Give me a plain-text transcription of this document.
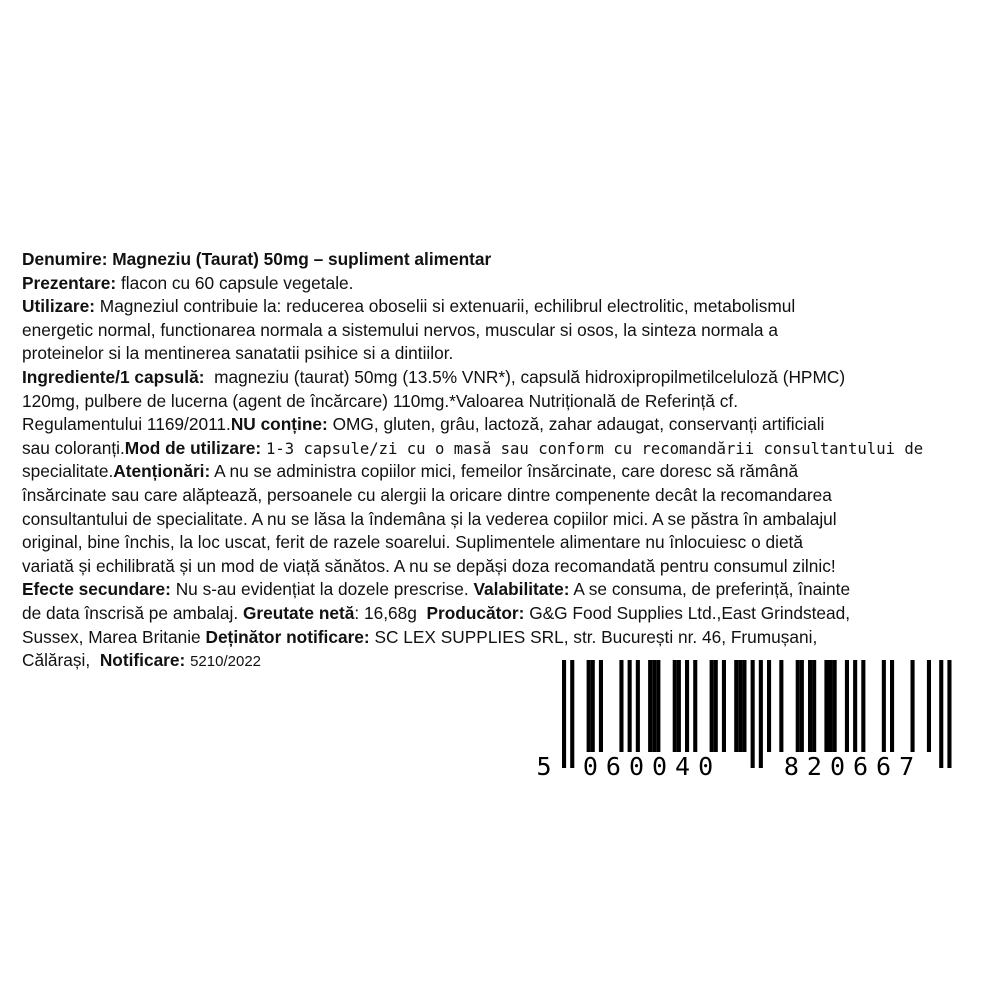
Denumire: Magneziu (Taurat) 50mg – supliment alimentar
Prezentare: flacon cu 60 capsule vegetale.
Utilizare: Magneziul contribuie la: reducerea oboselii si extenuarii, echilibrul electrolitic, metabolismul
energetic normal, functionarea normala a sistemului nervos, muscular si osos, la sinteza normala a
proteinelor si la mentinerea sanatatii psihice si a dintiilor.
Ingrediente/1 capsulă: magneziu (taurat) 50mg (13.5% VNR*), capsulă hidroxipropilmetilceluloză (HPMC)
120mg, pulbere de lucerna (agent de încărcare) 110mg.*Valoarea Nutrițională de Referință cf.
Regulamentului 1169/2011.NU conține: OMG, gluten, grâu, lactoză, zahar adaugat, conservanți artificiali
sau coloranți.Mod de utilizare: 1-3 capsule/zi cu o masă sau conform cu recomandării consultantului de
specialitate.Atenționări: A nu se administra copiilor mici, femeilor însărcinate, care doresc să rămână
însărcinate sau care alăptează, persoanele cu alergii la oricare dintre compenente decât la recomandarea
consultantului de specialitate. A nu se lăsa la îndemâna și la vederea copiilor mici. A se păstra în ambalajul
original, bine închis, la loc uscat, ferit de razele soarelui. Suplimentele alimentare nu înlocuiesc o dietă
variată și echilibrată și un mod de viață sănătos. A nu se depăși doza recomandată pentru consumul zilnic!
Efecte secundare: Nu s-au evidențiat la dozele prescrise. Valabilitate: A se consuma, de preferință, înainte
de data înscrisă pe ambalaj. Greutate netă: 16,68g Producător: G&G Food Supplies Ltd.,East Grindstead,
Sussex, Marea Britanie Deținător notificare: SC LEX SUPPLIES SRL, str. București nr. 46, Frumușani,
Călărași, Notificare: 5210/2022
5 060040	820667
